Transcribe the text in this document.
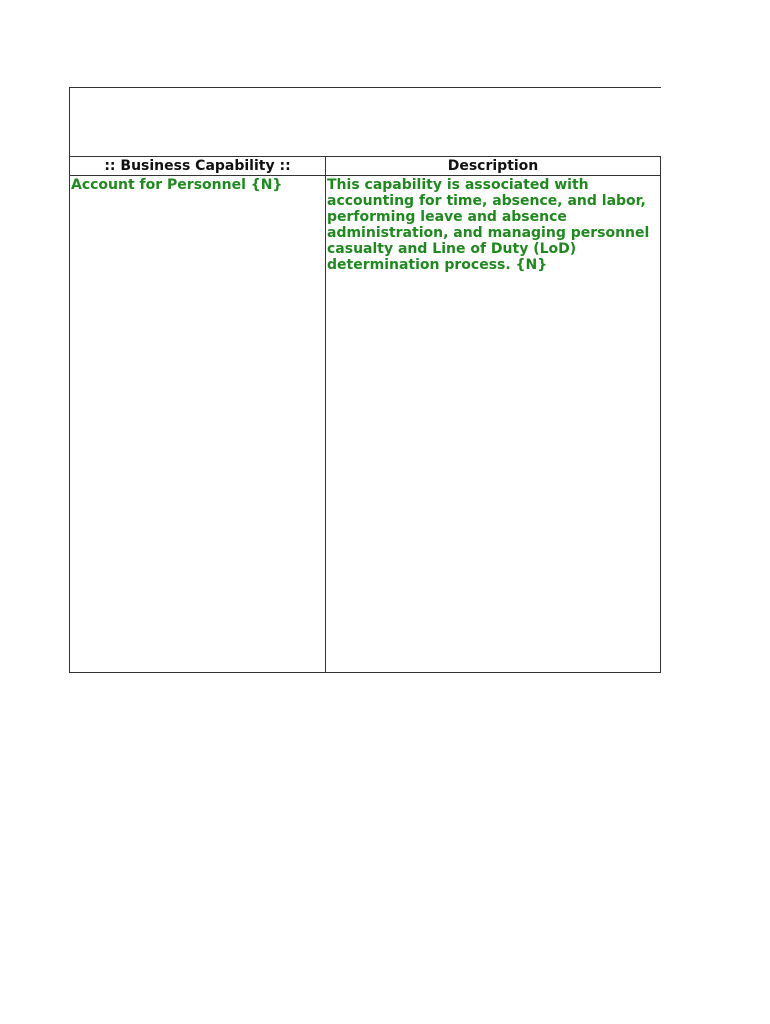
:: Business Capability ::	Description
Account for Personnel {N}	This capability is associated with
accounting for time, absence, and labor,
performing leave and absence
administration, and managing personnel
casualty and Line of Duty (LoD)
determination process. {N}
